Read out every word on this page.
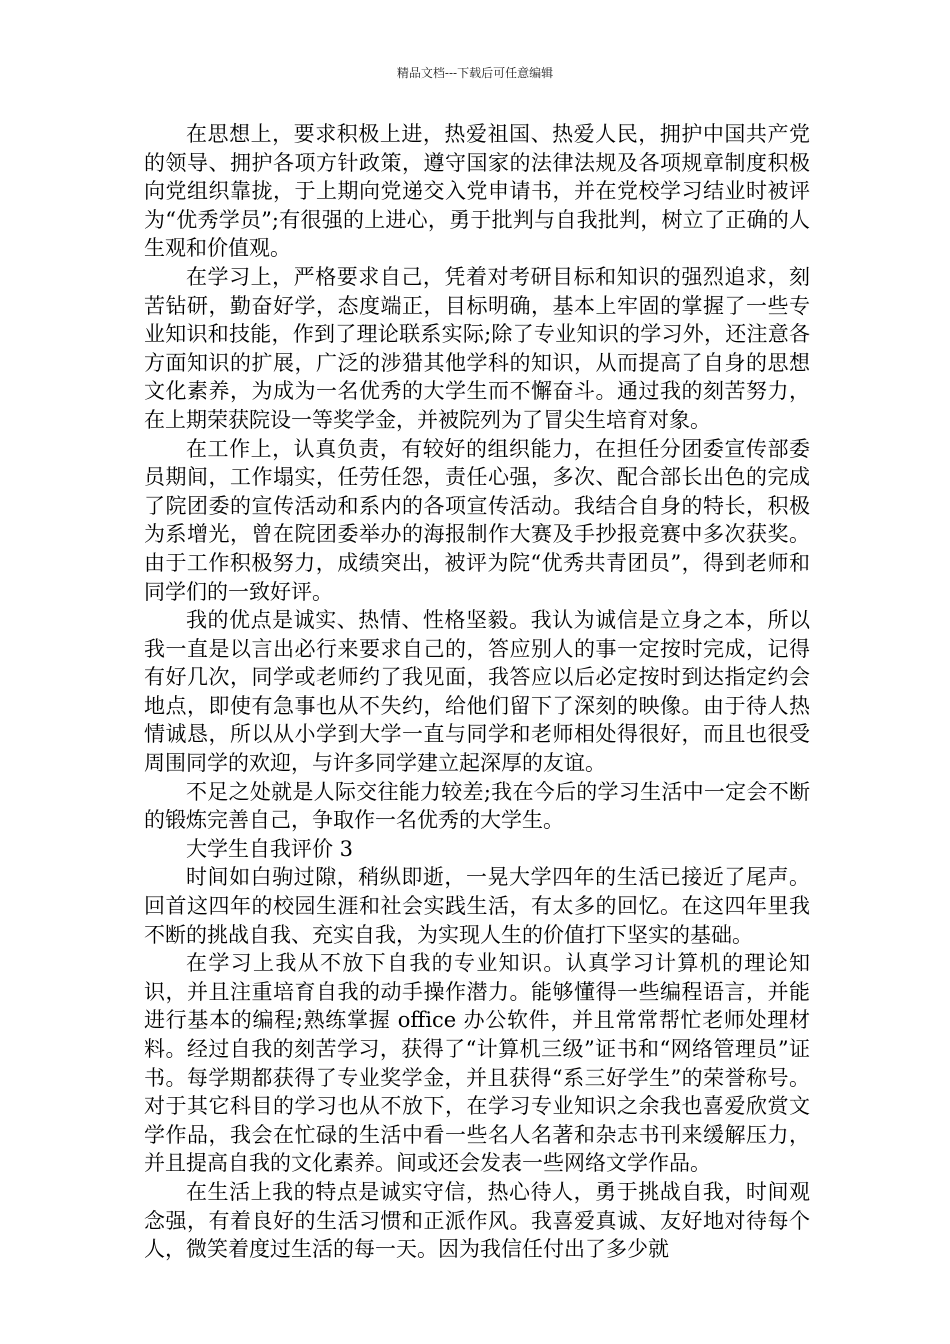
精品文档---下载后可任意编辑

在思想上，要求积极上进，热爱祖国、热爱人民，拥护中国共产党的领导、拥护各项方针政策，遵守国家的法律法规及各项规章制度积极向党组织靠拢，于上期向党递交入党申请书，并在党校学习结业时被评为“优秀学员”;有很强的上进心，勇于批判与自我批判，树立了正确的人生观和价值观。

在学习上，严格要求自己，凭着对考研目标和知识的强烈追求，刻苦钻研，勤奋好学，态度端正，目标明确，基本上牢固的掌握了一些专业知识和技能，作到了理论联系实际;除了专业知识的学习外，还注意各方面知识的扩展，广泛的涉猎其他学科的知识，从而提高了自身的思想文化素养，为成为一名优秀的大学生而不懈奋斗。通过我的刻苦努力，在上期荣获院设一等奖学金，并被院列为了冒尖生培育对象。

在工作上，认真负责，有较好的组织能力，在担任分团委宣传部委员期间，工作塌实，任劳任怨，责任心强，多次、配合部长出色的完成了院团委的宣传活动和系内的各项宣传活动。我结合自身的特长，积极为系增光，曾在院团委举办的海报制作大赛及手抄报竞赛中多次获奖。由于工作积极努力，成绩突出，被评为院“优秀共青团员”，得到老师和同学们的一致好评。

我的优点是诚实、热情、性格坚毅。我认为诚信是立身之本，所以我一直是以言出必行来要求自己的，答应别人的事一定按时完成，记得有好几次，同学或老师约了我见面，我答应以后必定按时到达指定约会地点，即使有急事也从不失约，给他们留下了深刻的映像。由于待人热情诚恳，所以从小学到大学一直与同学和老师相处得很好，而且也很受周围同学的欢迎，与许多同学建立起深厚的友谊。

不足之处就是人际交往能力较差;我在今后的学习生活中一定会不断的锻炼完善自己，争取作一名优秀的大学生。

大学生自我评价 3

时间如白驹过隙，稍纵即逝，一晃大学四年的生活已接近了尾声。回首这四年的校园生涯和社会实践生活，有太多的回忆。在这四年里我不断的挑战自我、充实自我，为实现人生的价值打下坚实的基础。

在学习上我从不放下自我的专业知识。认真学习计算机的理论知识，并且注重培育自我的动手操作潜力。能够懂得一些编程语言，并能进行基本的编程;熟练掌握 office 办公软件，并且常常帮忙老师处理材料。经过自我的刻苦学习，获得了“计算机三级”证书和“网络管理员”证书。每学期都获得了专业奖学金，并且获得“系三好学生”的荣誉称号。对于其它科目的学习也从不放下，在学习专业知识之余我也喜爱欣赏文学作品，我会在忙碌的生活中看一些名人名著和杂志书刊来缓解压力，并且提高自我的文化素养。间或还会发表一些网络文学作品。

在生活上我的特点是诚实守信，热心待人，勇于挑战自我，时间观念强，有着良好的生活习惯和正派作风。我喜爱真诚、友好地对待每个人，微笑着度过生活的每一天。因为我信任付出了多少就
